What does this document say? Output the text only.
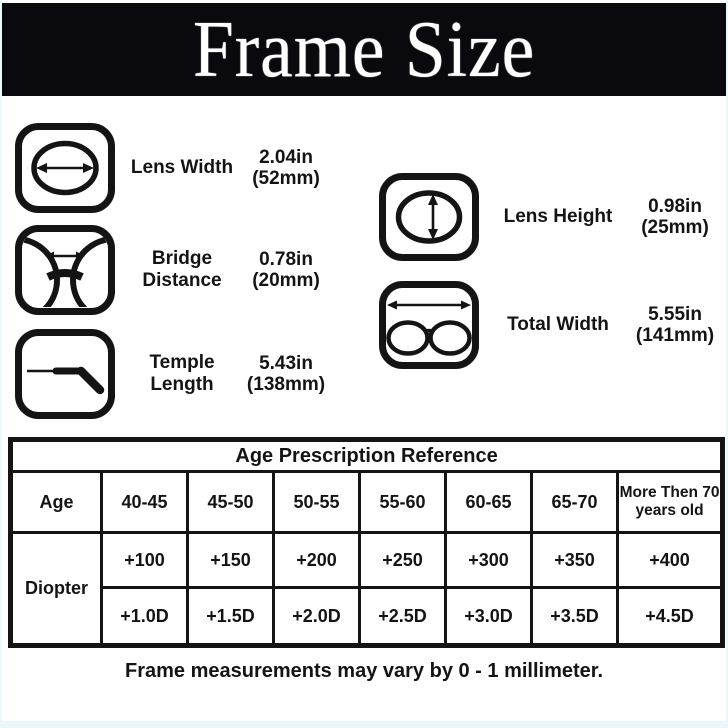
Frame Size
Lens Width	2.04in
(52mm)
Bridge Distance
0.78in
(20mm)
Temple Length
5.43in
(138mm)
Lens Height	0.98in
(25mm)
Total Width	5.55in
(141mm)
Age Prescription Reference							
Age	40-45	45-50	50-55	55-60	60-65	65-70	More Then 70 years old
Diopter	+100	+150	+200	+250	+300	+350	+400
	+1.0D	+1.5D	+2.0D	+2.5D	+3.0D	+3.5D	+4.5D
Frame measurements may vary by 0 - 1 millimeter.
